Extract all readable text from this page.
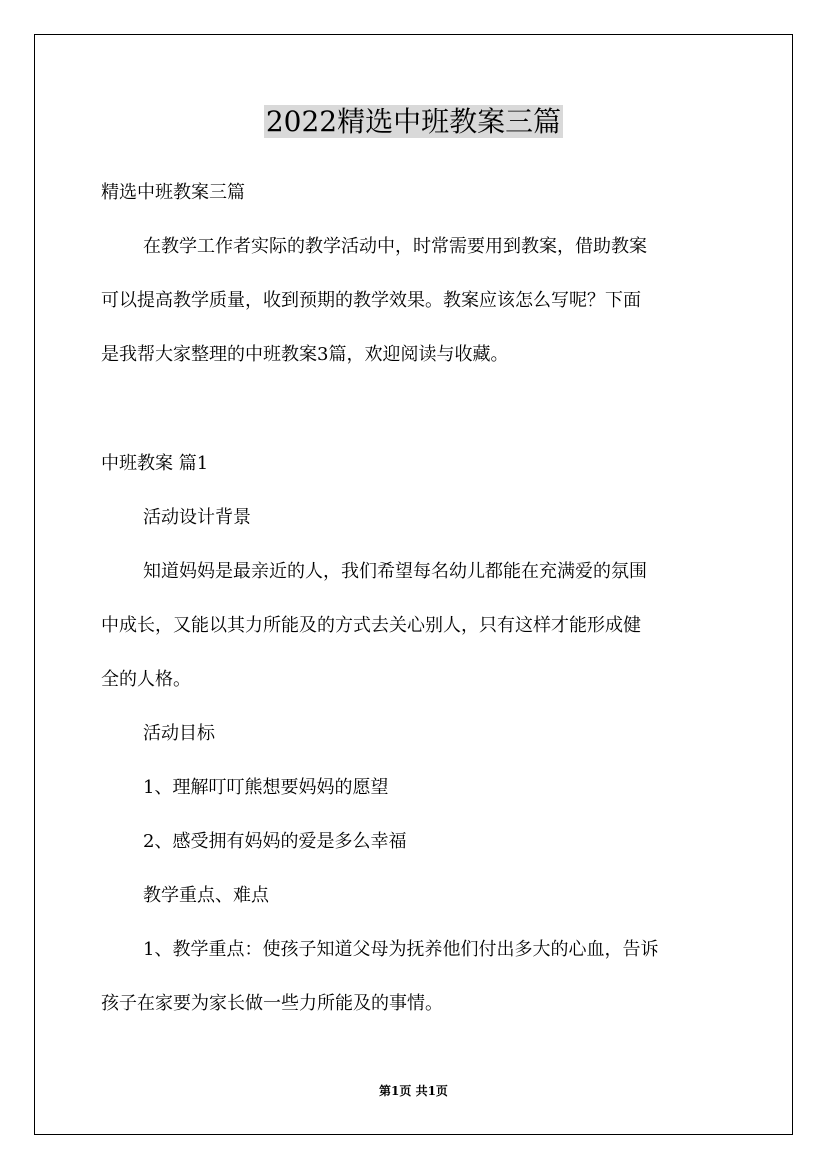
2022精选中班教案三篇

精选中班教案三篇

在教学工作者实际的教学活动中，时常需要用到教案，借助教案

可以提高教学质量，收到预期的教学效果。教案应该怎么写呢？下面

是我帮大家整理的中班教案3篇，欢迎阅读与收藏。

中班教案 篇1

活动设计背景

知道妈妈是最亲近的人，我们希望每名幼儿都能在充满爱的氛围

中成长，又能以其力所能及的方式去关心别人，只有这样才能形成健

全的人格。

活动目标

1、理解叮叮熊想要妈妈的愿望

2、感受拥有妈妈的爱是多么幸福

教学重点、难点

1、教学重点：使孩子知道父母为抚养他们付出多大的心血，告诉

孩子在家要为家长做一些力所能及的事情。

第1页 共1页
